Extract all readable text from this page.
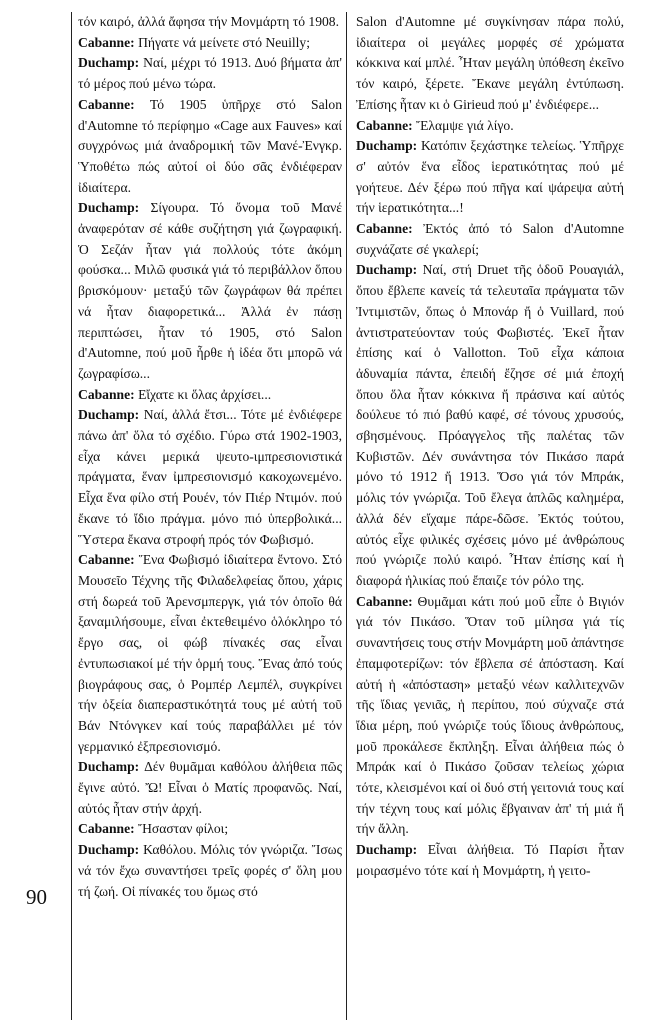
90

τόν καιρό, ἀλλά ἄφησα τήν Μονμάρτη τό 1908.

Cabanne: Πήγατε νά μείνετε στό Neuilly;

Duchamp: Ναί, μέχρι τό 1913. Δυό βήματα ἀπ' τό μέρος πού μένω τώρα.

Cabanne: Τό 1905 ὑπῆρχε στό Salon d'Automne τό περίφημο «Cage aux Fauves» καί συγχρόνως μιά ἀναδρομική τῶν Μανέ-Ἐνγκρ. Ὑποθέτω πώς αὐτοί οἱ δύο σᾶς ἐνδιέφεραν ἰδιαίτερα.

Duchamp: Σίγουρα. Τό ὄνομα τοῦ Μανέ ἀναφερόταν σέ κάθε συζήτηση γιά ζωγραφική. Ὁ Σεζάν ἦταν γιά πολλούς τότε ἀκόμη φούσκα... Μιλῶ φυσικά γιά τό περιβάλλον ὅπου βρισκόμουν· μεταξύ τῶν ζωγράφων θά πρέπει νά ἦταν διαφορετικά... Ἀλλά ἐν πάσῃ περιπτώσει, ἦταν τό 1905, στό Salon d'Automne, πού μοῦ ἦρθε ἡ ἰδέα ὅτι μπορῶ νά ζωγραφίσω...

Cabanne: Εἴχατε κι ὅλας ἀρχίσει...

Duchamp: Ναί, ἀλλά ἔτσι... Τότε μέ ἐνδιέφερε πάνω ἀπ' ὅλα τό σχέδιο. Γύρω στά 1902-1903, εἶχα κάνει μερικά ψευτο-ιμπρεσιονιστικά πράγματα, ἕναν ἰμπρεσιονισμό κακοχωνεμένο. Εἶχα ἕνα φίλο στή Ρουέν, τόν Πιέρ Ντιμόν. πού ἔκανε τό ἴδιο πράγμα. μόνο πιό ὑπερβολικά... Ὕστερα ἔκανα στροφή πρός τόν Φωβισμό.

Cabanne: Ἕνα Φωβισμό ἰδιαίτερα ἔντονο. Στό Μουσεῖο Τέχνης τῆς Φιλαδελφείας ὅπου, χάρις στή δωρεά τοῦ Ἀρενσμπεργκ, γιά τόν ὁποῖο θά ξαναμιλήσουμε, εἶναι ἐκτεθειμένο ὁλόκληρο τό ἔργο σας, οἱ φώβ πίνακές σας εἶναι ἐντυπωσιακοί μέ τήν ὁρμή τους. Ἕνας ἀπό τούς βιογράφους σας, ὁ Ρομπέρ Λεμπέλ, συγκρίνει τήν ὀξεία διαπεραστικότητά τους μέ αὐτή τοῦ Βάν Ντόνγκεν καί τούς παραβάλλει μέ τόν γερμανικό ἐξπρεσιονισμό.

Duchamp: Δέν θυμᾶμαι καθόλου ἀλήθεια πῶς ἔγινε αὐτό. Ὤ! Εἶναι ὁ Ματίς προφανῶς. Ναί, αὐτός ἦταν στήν ἀρχή.

Cabanne: Ἤσασταν φίλοι;

Duchamp: Καθόλου. Μόλις τόν γνώριζα. Ἴσως νά τόν ἔχω συναντήσει τρεῖς φορές σ' ὅλη μου τή ζωή. Οἱ πίνακές του ὅμως στό

Salon d'Automne μέ συγκίνησαν πάρα πολύ, ἰδιαίτερα οἱ μεγάλες μορφές σέ χρώματα κόκκινα καί μπλέ. Ἦταν μεγάλη ὑπόθεση ἐκεῖνο τόν καιρό, ξέρετε. Ἔκανε μεγάλη ἐντύπωση. Ἐπίσης ἦταν κι ὁ Girieud πού μ' ἐνδιέφερε...

Cabanne: Ἔλαμψε γιά λίγο.

Duchamp: Κατόπιν ξεχάστηκε τελείως. Ὑπῆρχε σ' αὐτόν ἕνα εἶδος ἱερατικότητας πού μέ γοήτευε. Δέν ξέρω πού πῆγα καί ψάρεψα αὐτή τήν ἱερατικότητα...!

Cabanne: Ἐκτός ἀπό τό Salon d'Automne συχνάζατε σέ γκαλερί;

Duchamp: Ναί, στή Druet τῆς ὁδοῦ Ρουαγιάλ, ὅπου ἔβλεπε κανείς τά τελευταῖα πράγματα τῶν Ἰντιμιστῶν, ὅπως ὁ Μπονάρ ἤ ὁ Vuillard, πού ἀντιστρατεύονταν τούς Φωβιστές. Ἐκεῖ ἦταν ἐπίσης καί ὁ Vallotton. Τοῦ εἶχα κάποια ἀδυναμία πάντα, ἐπειδή ἔζησε σέ μιά ἐποχή ὅπου ὅλα ἦταν κόκκινα ἤ πράσινα καί αὐτός δούλευε τό πιό βαθύ καφέ, σέ τόνους χρυσούς, σβησμένους. Πρόαγγελος τῆς παλέτας τῶν Κυβιστῶν. Δέν συνάντησα τόν Πικάσο παρά μόνο τό 1912 ἤ 1913. Ὅσο γιά τόν Μπράκ, μόλις τόν γνώριζα. Τοῦ ἔλεγα ἁπλῶς καλημέρα, ἀλλά δέν εἴχαμε πάρε-δῶσε. Ἐκτός τούτου, αὐτός εἶχε φιλικές σχέσεις μόνο μέ ἀνθρώπους πού γνώριζε πολύ καιρό. Ἦταν ἐπίσης καί ἡ διαφορά ἡλικίας πού ἔπαιζε τόν ρόλο της.

Cabanne: Θυμᾶμαι κάτι πού μοῦ εἶπε ὁ Βιγιόν γιά τόν Πικάσο. Ὅταν τοῦ μίλησα γιά τίς συναντήσεις τους στήν Μονμάρτη μοῦ ἀπάντησε ἐπαμφοτερίζων: τόν ἔβλεπα σέ ἀπόσταση. Καί αὐτή ἡ «ἀπόσταση» μεταξύ νέων καλλιτεχνῶν τῆς ἴδιας γενιᾶς, ἡ περίπου, πού σύχναζε στά ἴδια μέρη, πού γνώριζε τούς ἴδιους ἀνθρώπους, μοῦ προκάλεσε ἔκπληξη. Εἶναι ἀλήθεια πώς ὁ Μπράκ καί ὁ Πικάσο ζοῦσαν τελείως χώρια τότε, κλεισμένοι καί οἱ δυό στή γειτονιά τους καί τήν τέχνη τους καί μόλις ἔβγαιναν ἀπ' τή μιά ἤ τήν ἄλλη.

Duchamp: Εἶναι ἀλήθεια. Τό Παρίσι ἦταν μοιρασμένο τότε καί ἡ Μονμάρτη, ἡ γειτο-
